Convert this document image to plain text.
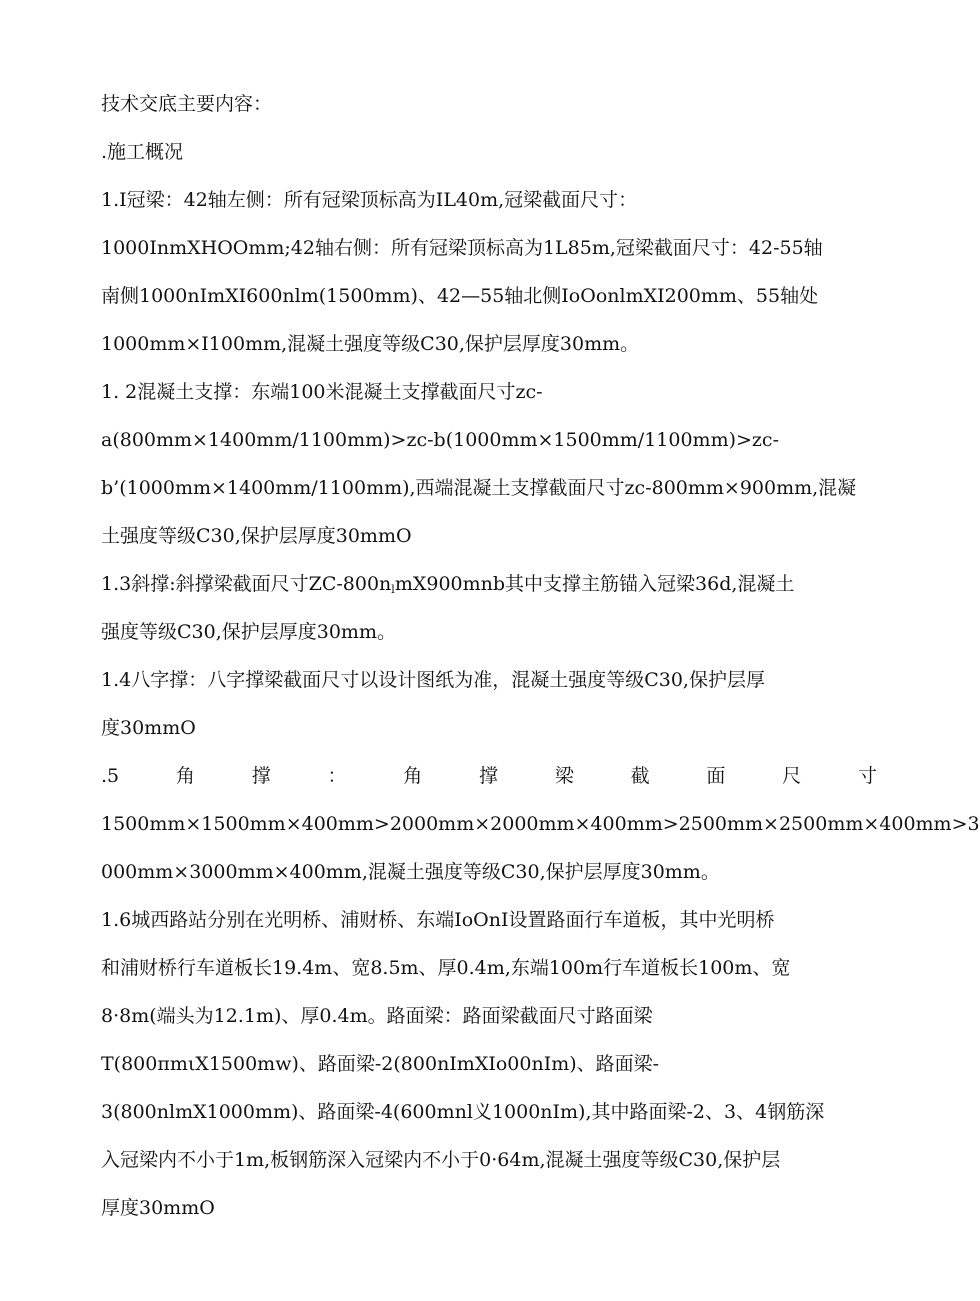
技术交底主要内容：
.施工概况
1.I冠梁：42轴左侧：所有冠梁顶标高为IL40m,冠梁截面尺寸：
1000InmХHOOmm;42轴右侧：所有冠梁顶标高为1L85m,冠梁截面尺寸：42-55轴
南侧1000nImXI600nlm(1500mm)、42—55轴北侧IoOonlmXI200mm、55轴处
1000mm×I100mm,混凝土强度等级C30,保护层厚度30mm。
1. 2混凝土支撑：东端100米混凝土支撑截面尺寸zc-
a(800mm×1400mm/1100mm)>zc-b(1000mm×1500mm/1100mm)>zc-
b’(1000mm×1400mm/1100mm),西端混凝土支撑截面尺寸zc-800mm×900mm,混凝
土强度等级C30,保护层厚度30mmO
1.3斜撑:斜撑梁截面尺寸$ZC-800n_lmX900mnb$其中支撑主筋锚入冠梁36d,混凝土
强度等级C30,保护层厚度30mm。
1.4八字撑：八字撑梁截面尺寸以设计图纸为准，混凝土强度等级C30,保护层厚
度30mmO
.5	角	撑	：	角	撑	梁	截	面	尺	寸
1500mm×1500mm×400mm>2000mm×2000mm×400mm>2500mm×2500mm×400mm>3
000mm×3000mm×400mm,混凝土强度等级C30,保护层厚度30mm。
1.6城西路站分别在光明桥、浦财桥、东端IoOnI设置路面行车道板，其中光明桥
和浦财桥行车道板长19.4m、宽8.5m、厚0.4m,东端100m行车道板长100m、宽
8·8m(端头为12.1m)、厚0.4m。路面梁：路面梁截面尺寸路面梁
T(800πmιX1500mw)、路面梁-2(800nImXIo00nIm)、路面梁-
3(800nlmX1000mm)、路面梁-4(600mnl义1000nIm),其中路面梁-2、3、4钢筋深
入冠梁内不小于1m,板钢筋深入冠梁内不小于0·64m,混凝土强度等级C30,保护层
厚度30mmO
